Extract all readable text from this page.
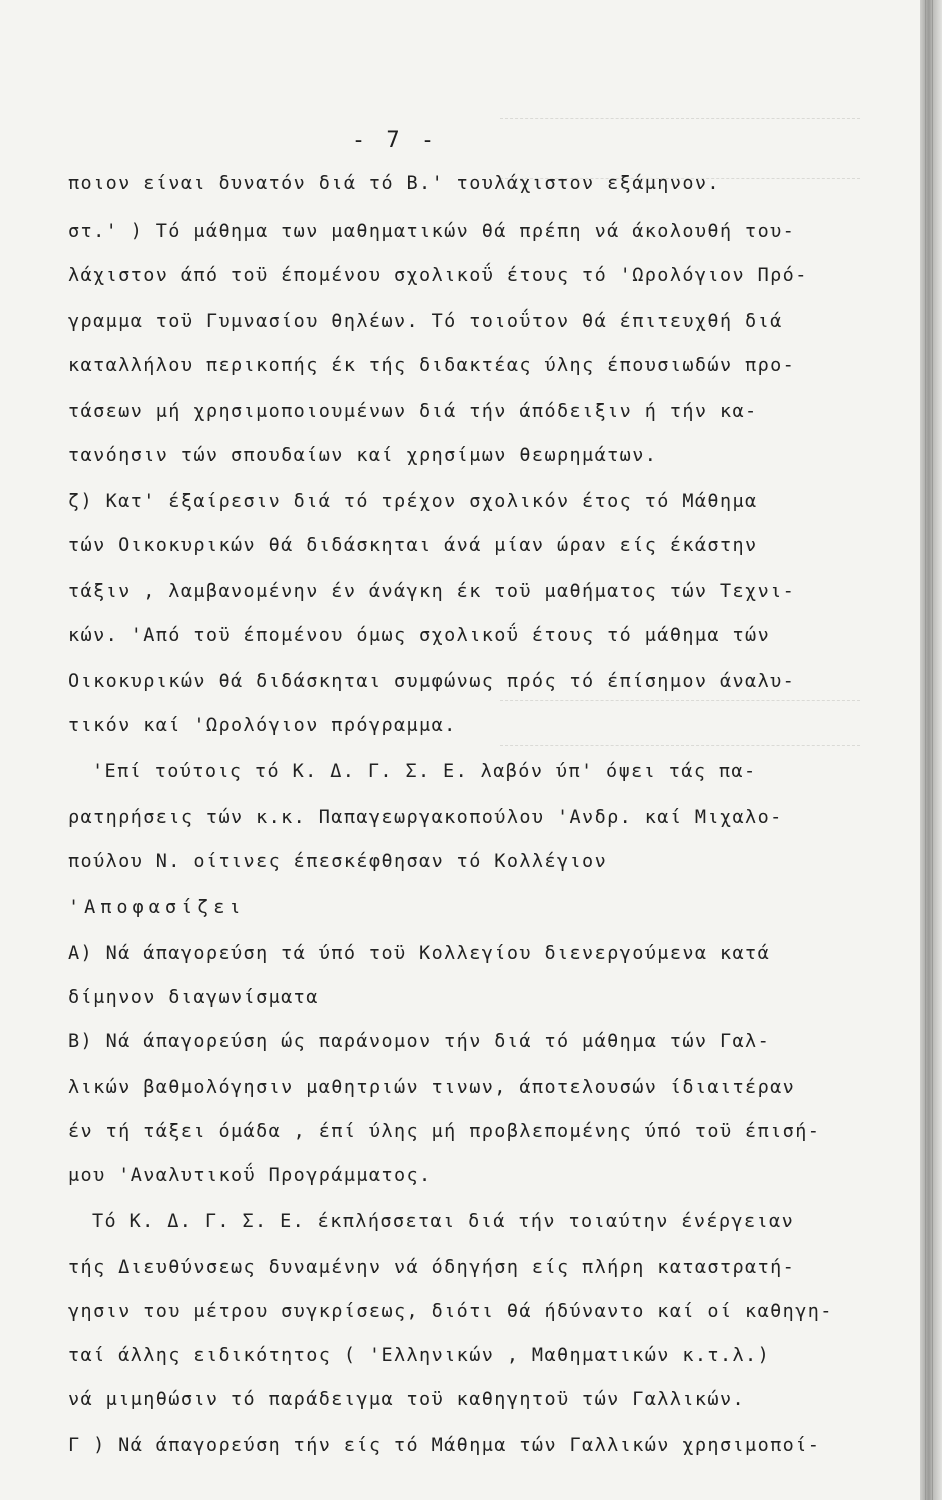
- 7 -
ποιον είναι δυνατόν διά τό Β.' τουλάχιστον εξάμηνον.
στ.' ) Τό μάθημα των μαθηματικών θά πρέπη νά άκολουθή του-
λάχιστον άπό τοϋ έπομένου σχολικοΰ έτους τό 'Ωρολόγιον Πρό-
γραμμα τοϋ Γυμνασίου θηλέων. Τό τοιοΰτον θά έπιτευχθή διά
καταλλήλου περικοπής έκ τής διδακτέας ύλης έπουσιωδών προ-
τάσεων μή χρησιμοποιουμένων διά τήν άπόδειξιν ή τήν κα-
τανόησιν τών σπουδαίων καί χρησίμων θεωρημάτων.
ζ) Κατ' έξαίρεσιν διά τό τρέχον σχολικόν έτος τό Μάθημα
τών Οικοκυρικών θά διδάσκηται άνά μίαν ώραν είς έκάστην
τάξιν , λαμβανομένην έν άνάγκη έκ τοϋ μαθήματος τών Τεχνι-
κών. 'Από τοϋ έπομένου όμως σχολικοΰ έτους τό μάθημα τών
Οικοκυρικών θά διδάσκηται συμφώνως πρός τό έπίσημον άναλυ-
τικόν καί 'Ωρολόγιον πρόγραμμα.
'Επί τούτοις τό Κ. Δ. Γ. Σ. Ε. λαβόν ύπ' όψει τάς πα-
ρατηρήσεις τών κ.κ. Παπαγεωργακοπούλου 'Ανδρ. καί Μιχαλο-
πούλου Ν. οίτινες έπεσκέφθησαν τό Κολλέγιον
'Αποφασίζει
Α) Νά άπαγορεύση τά ύπό τοϋ Κολλεγίου διενεργούμενα κατά
δίμηνον διαγωνίσματα
Β) Νά άπαγορεύση ώς παράνομον τήν διά τό μάθημα τών Γαλ-
λικών βαθμολόγησιν μαθητριών τινων, άποτελουσών ίδιαιτέραν
έν τή τάξει όμάδα , έπί ύλης μή προβλεπομένης ύπό τοϋ έπισή-
μου 'Αναλυτικοΰ Προγράμματος.
Τό Κ. Δ. Γ. Σ. Ε. έκπλήσσεται διά τήν τοιαύτην ένέργειαν
τής Διευθύνσεως δυναμένην νά όδηγήση είς πλήρη καταστρατή-
γησιν του μέτρου συγκρίσεως, διότι θά ήδύναντο καί οί καθηγη-
ταί άλλης ειδικότητος ( 'Ελληνικών , Μαθηματικών κ.τ.λ.)
νά μιμηθώσιν τό παράδειγμα τοϋ καθηγητοϋ τών Γαλλικών.
Γ ) Νά άπαγορεύση τήν είς τό Μάθημα τών Γαλλικών χρησιμοποί-
